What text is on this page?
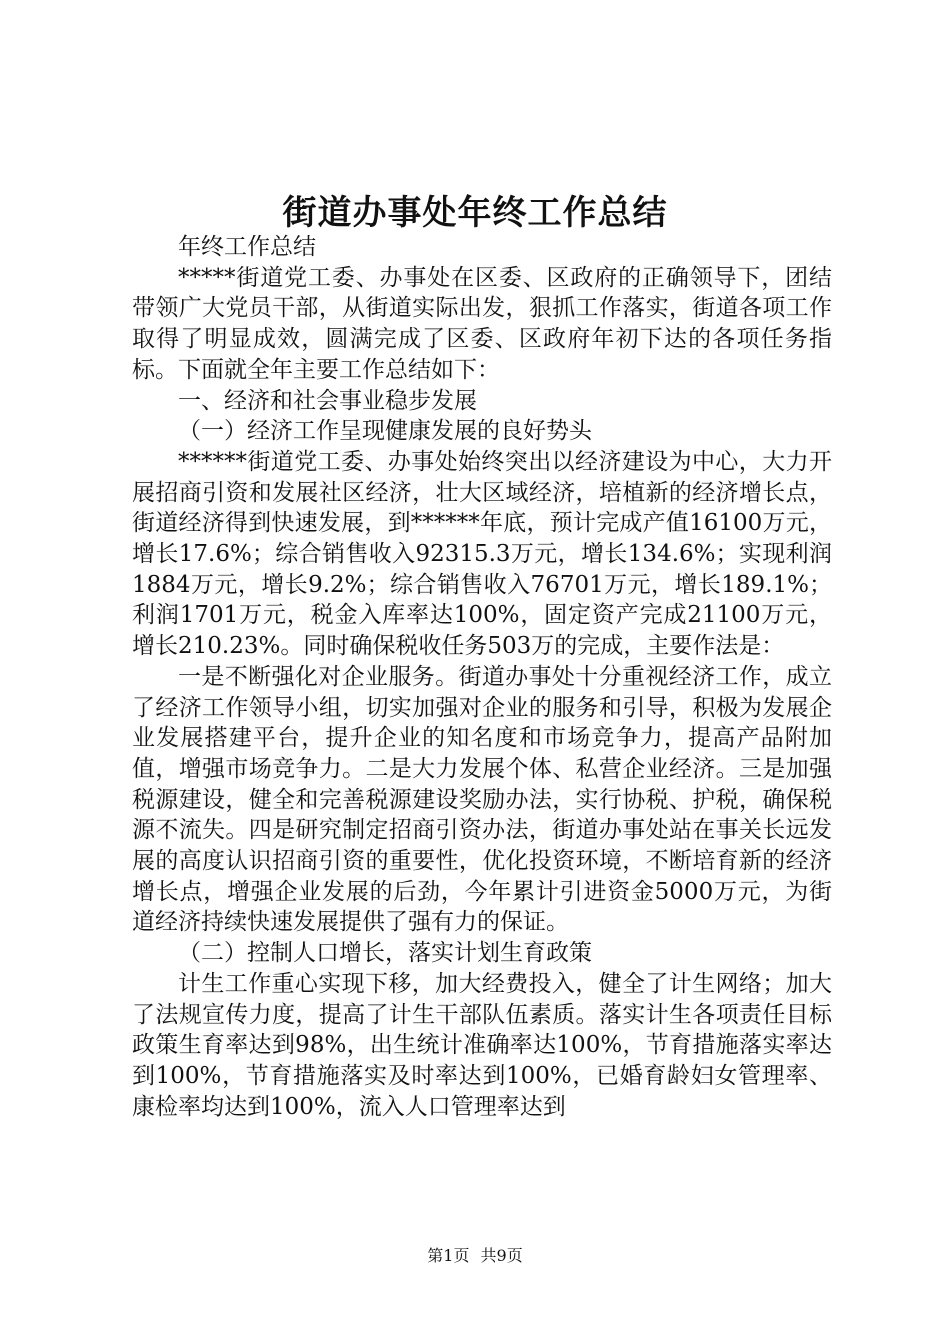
街道办事处年终工作总结

年终工作总结

*****街道党工委、办事处在区委、区政府的正确领导下，团结带领广大党员干部，从街道实际出发，狠抓工作落实，街道各项工作取得了明显成效，圆满完成了区委、区政府年初下达的各项任务指标。下面就全年主要工作总结如下：

一、经济和社会事业稳步发展

（一）经济工作呈现健康发展的良好势头

******街道党工委、办事处始终突出以经济建设为中心，大力开展招商引资和发展社区经济，壮大区域经济，培植新的经济增长点，街道经济得到快速发展，到******年底，预计完成产值16100万元，增长17.6%；综合销售收入92315.3万元，增长134.6%；实现利润1884万元，增长9.2%；综合销售收入76701万元，增长189.1%；利润1701万元，税金入库率达100%，固定资产完成21100万元，增长210.23%。同时确保税收任务503万的完成，主要作法是：

一是不断强化对企业服务。街道办事处十分重视经济工作，成立了经济工作领导小组，切实加强对企业的服务和引导，积极为发展企业发展搭建平台，提升企业的知名度和市场竞争力，提高产品附加值，增强市场竞争力。二是大力发展个体、私营企业经济。三是加强税源建设，健全和完善税源建设奖励办法，实行协税、护税，确保税源不流失。四是研究制定招商引资办法，街道办事处站在事关长远发展的高度认识招商引资的重要性，优化投资环境，不断培育新的经济增长点，增强企业发展的后劲，今年累计引进资金5000万元，为街道经济持续快速发展提供了强有力的保证。

（二）控制人口增长，落实计划生育政策

计生工作重心实现下移，加大经费投入，健全了计生网络；加大了法规宣传力度，提高了计生干部队伍素质。落实计生各项责任目标政策生育率达到98%，出生统计准确率达100%，节育措施落实率达到100%，节育措施落实及时率达到100%，已婚育龄妇女管理率、康检率均达到100%，流入人口管理率达到

第1页 共9页
